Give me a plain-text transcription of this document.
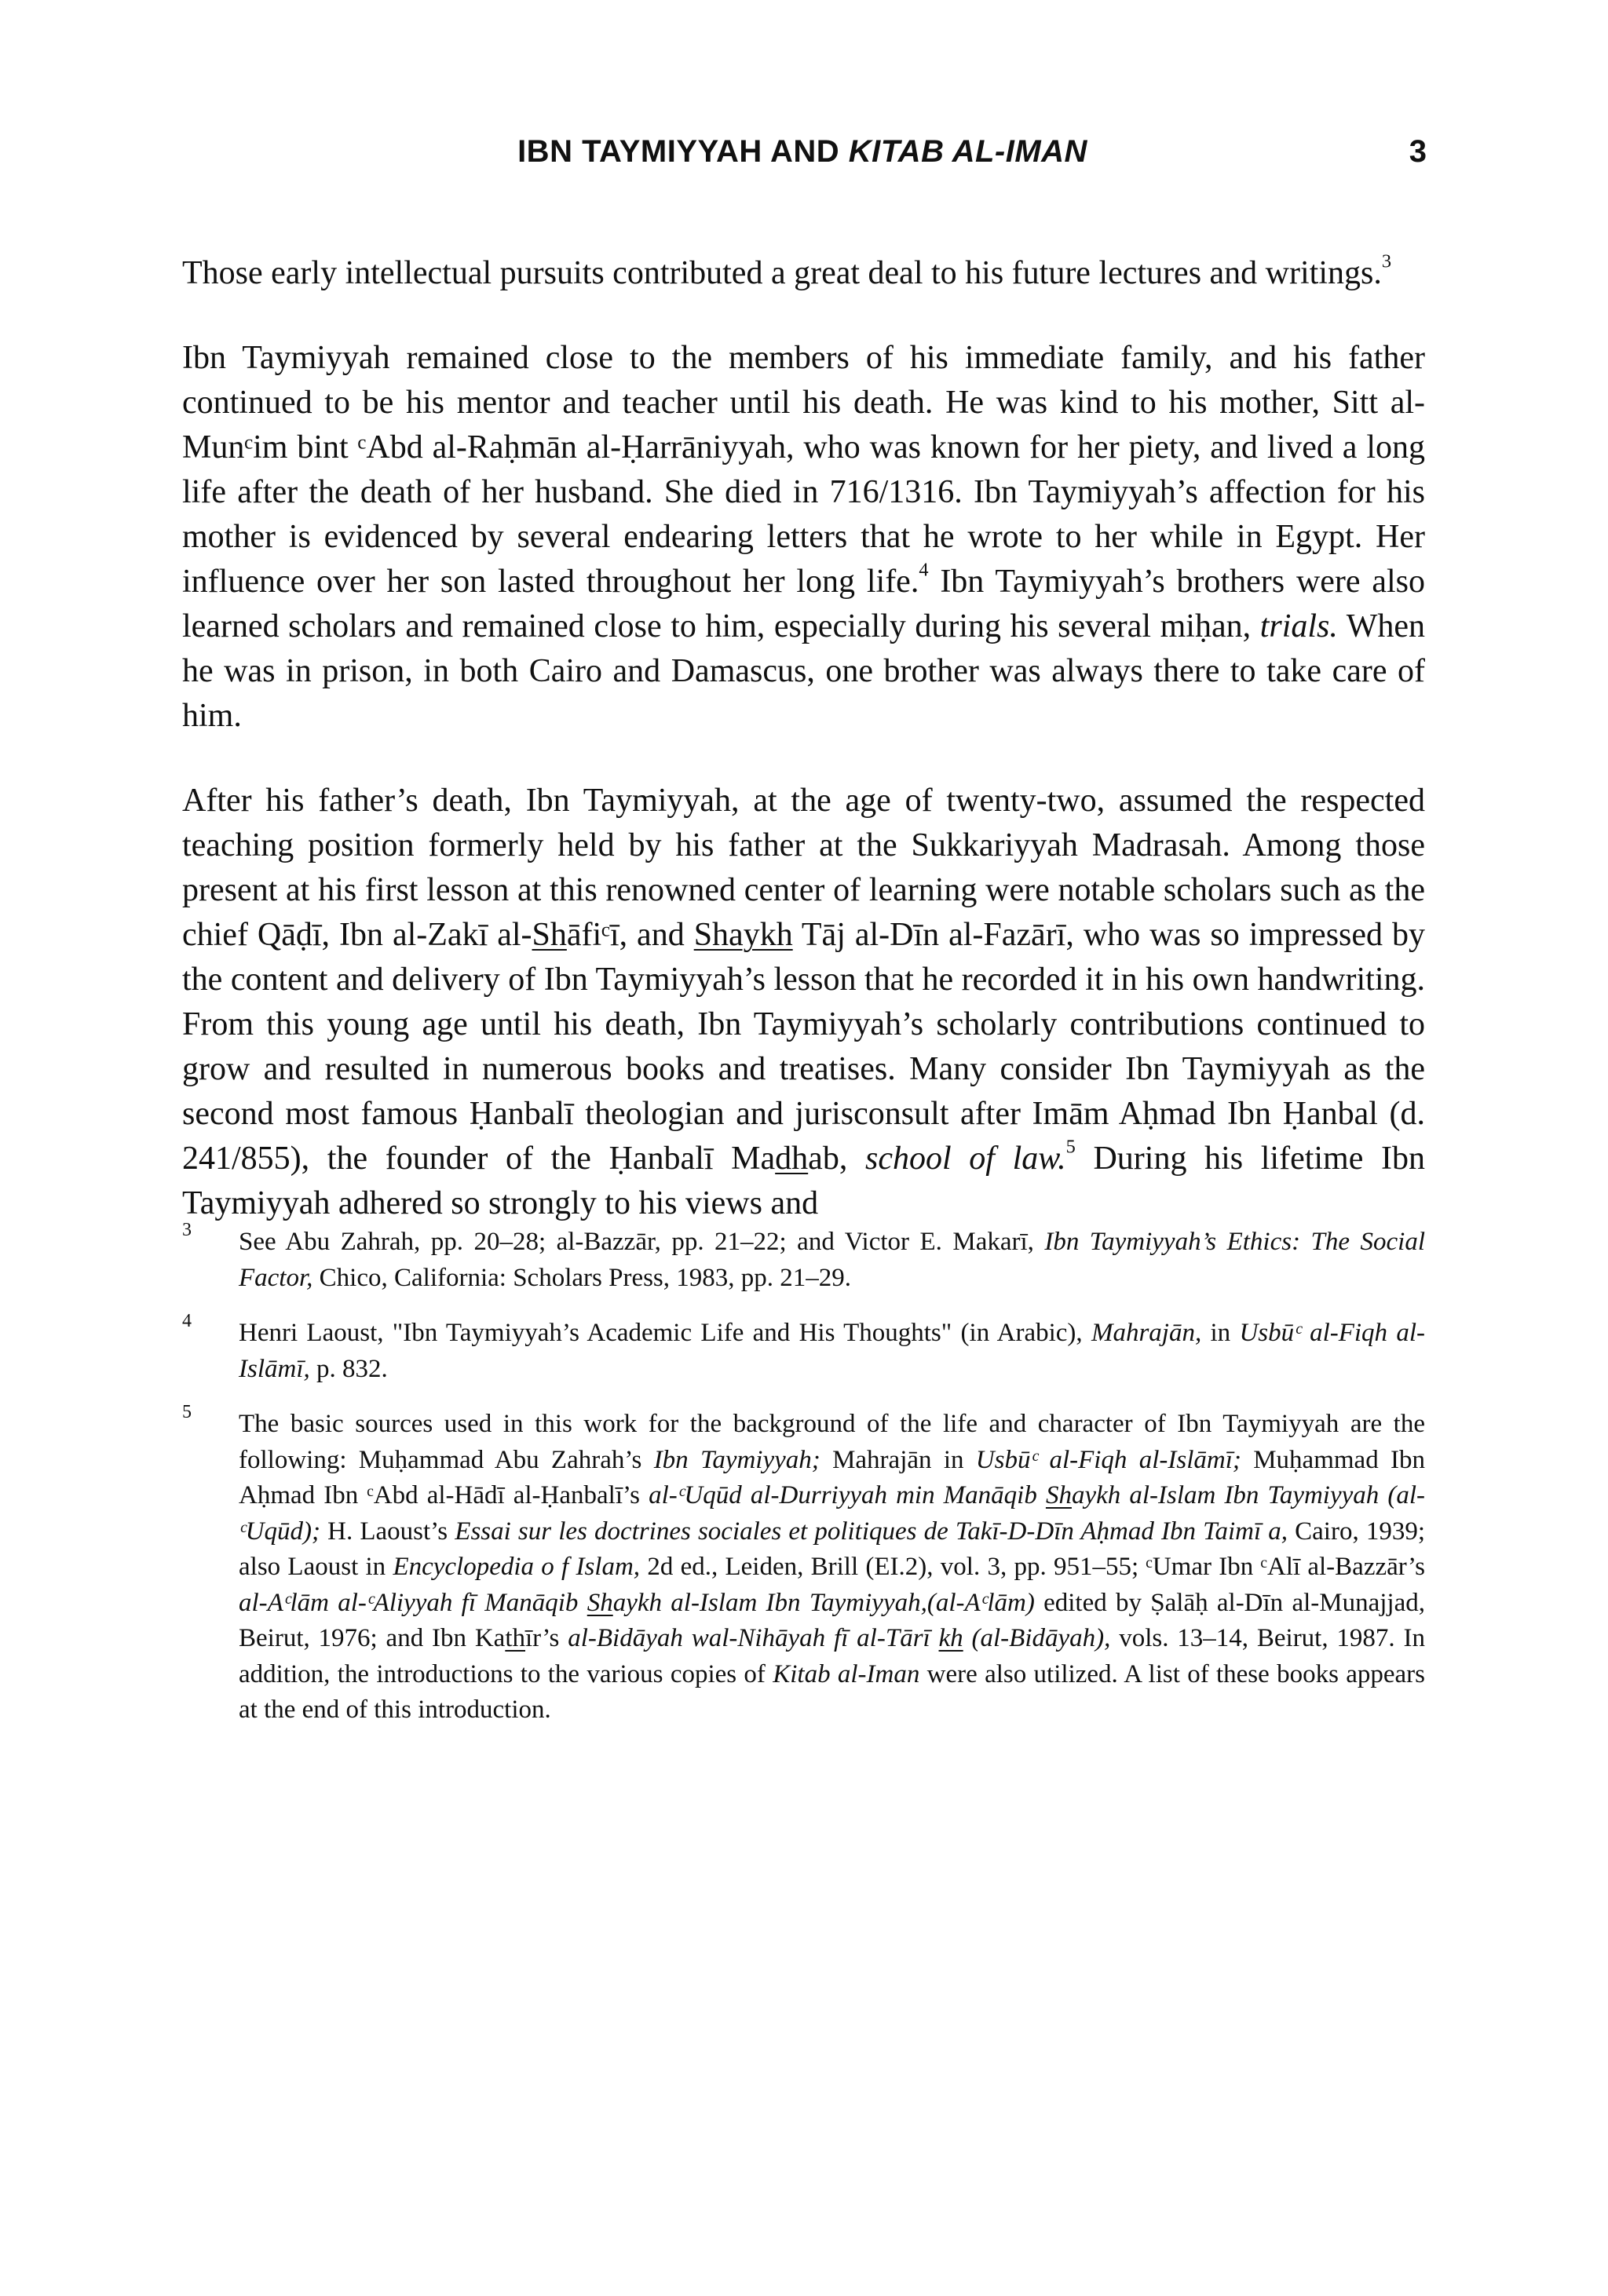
IBN TAYMIYYAH AND KITAB AL-IMAN	3

Those early intellectual pursuits contributed a great deal to his future lectures and writings.$^3$

Ibn Taymiyyah remained close to the members of his immediate family, and his father continued to be his mentor and teacher until his death. He was kind to his mother, Sitt al-Munᶜim bint ᶜAbd al-Raḥmān al-Ḥarrāniyyah, who was known for her piety, and lived a long life after the death of her husband. She died in 716/1316. Ibn Taymiyyah’s affection for his mother is evidenced by several endearing letters that he wrote to her while in Egypt. Her influence over her son lasted throughout her long life.$^4$ Ibn Taymiyyah’s brothers were also learned scholars and remained close to him, especially during his several miḥan, trials. When he was in prison, in both Cairo and Damascus, one brother was always there to take care of him.

After his father’s death, Ibn Taymiyyah, at the age of twenty-two, assumed the respected teaching position formerly held by his father at the Sukkariyyah Madrasah. Among those present at his first lesson at this renowned center of learning were notable scholars such as the chief Qāḍī, Ibn al-Zakī al-Shāfiᶜī, and Shaykh Tāj al-Dīn al-Fazārī, who was so impressed by the content and delivery of Ibn Taymiyyah’s lesson that he recorded it in his own handwriting. From this young age until his death, Ibn Taymiyyah’s scholarly contributions continued to grow and resulted in numerous books and treatises. Many consider Ibn Taymiyyah as the second most famous Ḥanbalī theologian and jurisconsult after Imām Aḥmad Ibn Ḥanbal (d. 241/855), the founder of the Ḥanbalī Madhab, school of law.$^5$ During his lifetime Ibn Taymiyyah adhered so strongly to his views and

3 See Abu Zahrah, pp. 20–28; al-Bazzār, pp. 21–22; and Victor E. Makarī, Ibn Taymiyyah’s Ethics: The Social Factor, Chico, California: Scholars Press, 1983, pp. 21–29.
4 Henri Laoust, "Ibn Taymiyyah’s Academic Life and His Thoughts" (in Arabic), Mahrajān, in Usbūᶜ al-Fiqh al-Islāmī, p. 832.
5 The basic sources used in this work for the background of the life and character of Ibn Taymiyyah are the following: Muḥammad Abu Zahrah’s Ibn Taymiyyah; Mahrajān in Usbūᶜ al-Fiqh al-Islāmī; Muḥammad Ibn Aḥmad Ibn ᶜAbd al-Hādī al-Ḥanbalī’s al-ᶜUqūd al-Durriyyah min Manāqib Shaykh al-Islam Ibn Taymiyyah (al-ᶜUqūd); H. Laoust’s Essai sur les doctrines sociales et politiques de Takī-D-Dīn Aḥmad Ibn Taimī a, Cairo, 1939; also Laoust in Encyclopedia o f Islam, 2d ed., Leiden, Brill (EI.2), vol. 3, pp. 951–55; ᶜUmar Ibn ᶜAlī al-Bazzār’s al-Aᶜlām al-ᶜAliyyah fī Manāqib Shaykh al-Islam Ibn Taymiyyah,(al-Aᶜlām) edited by Ṣalāḥ al-Dīn al-Munajjad, Beirut, 1976; and Ibn Kathīr’s al-Bidāyah wal-Nihāyah fī al-Tārī kh (al-Bidāyah), vols. 13–14, Beirut, 1987. In addition, the introductions to the various copies of Kitab al-Iman were also utilized. A list of these books appears at the end of this introduction.
